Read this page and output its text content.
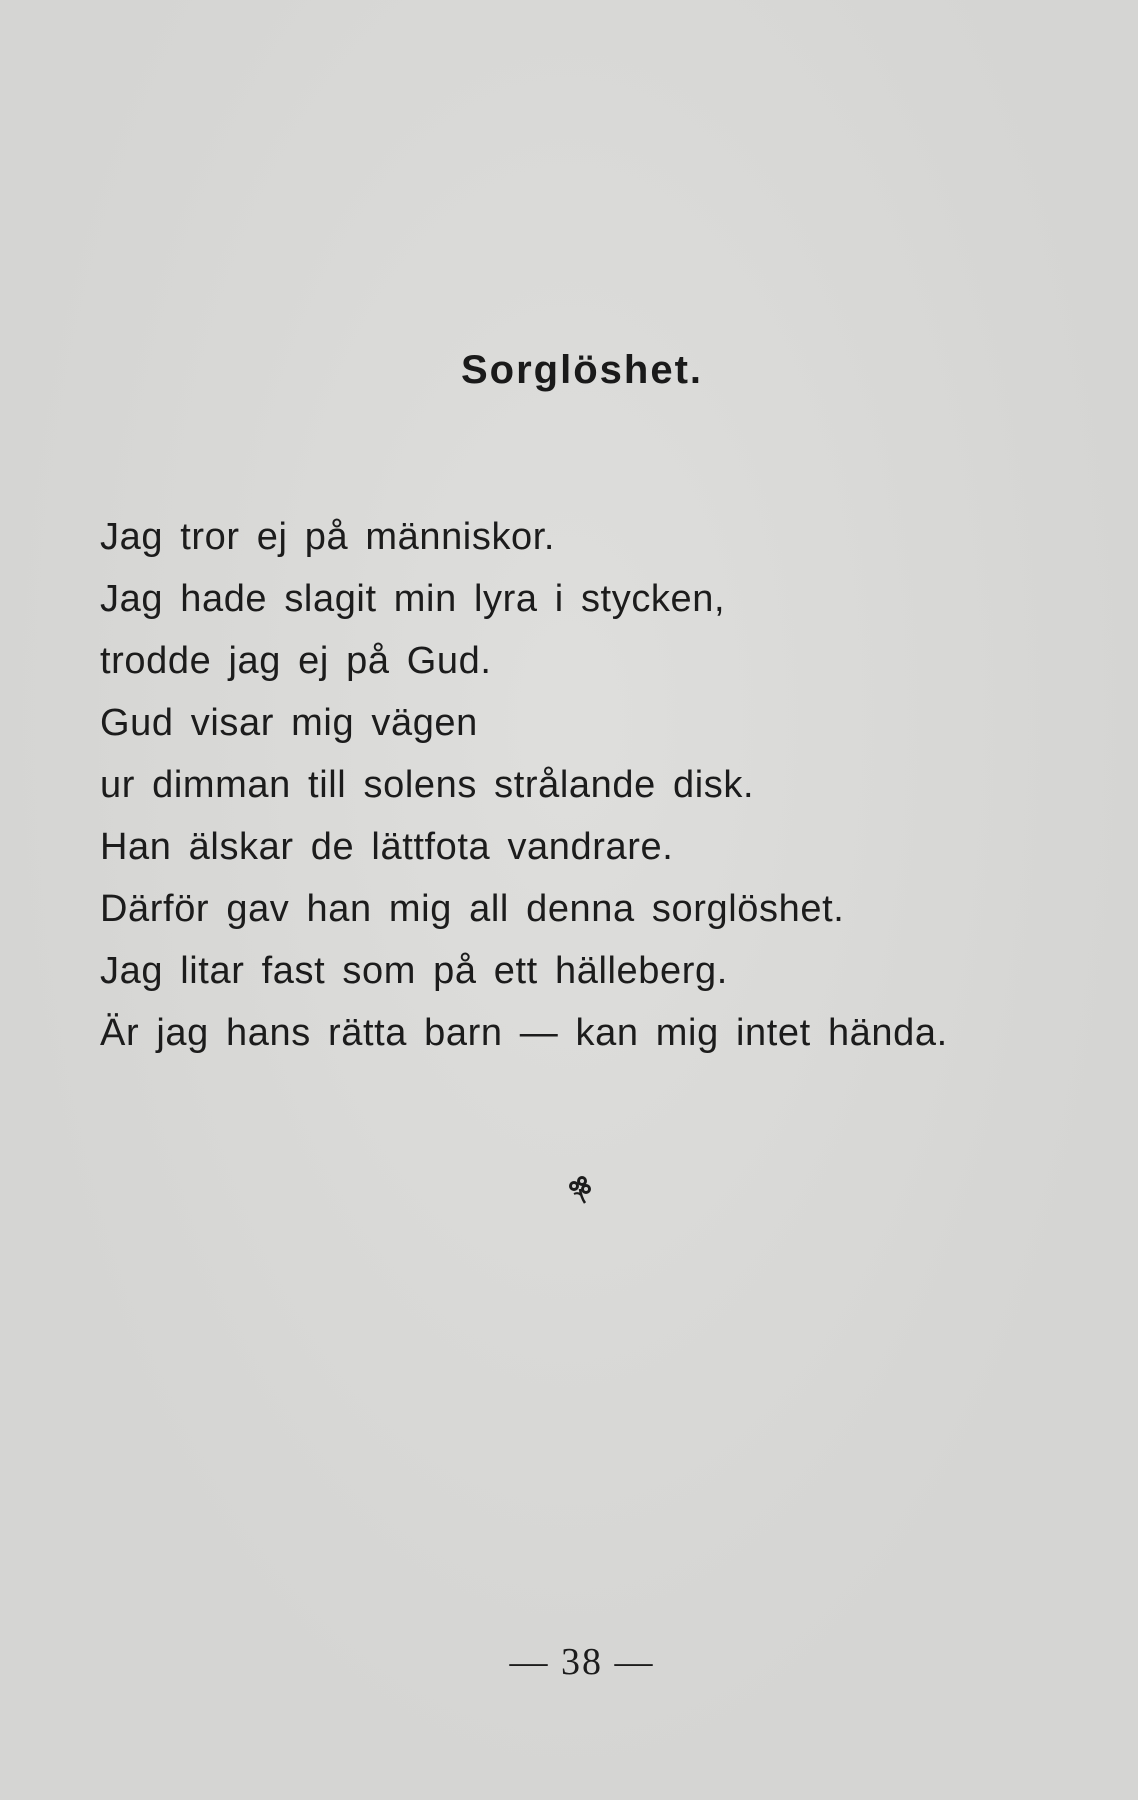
Sorglöshet.
Jag tror ej på människor.
Jag hade slagit min lyra i stycken,
trodde jag ej på Gud.
Gud visar mig vägen
ur dimman till solens strålande disk.
Han älskar de lättfota vandrare.
Därför gav han mig all denna sorglöshet.
Jag litar fast som på ett hälleberg.
Är jag hans rätta barn — kan mig intet hända.
— 38 —
